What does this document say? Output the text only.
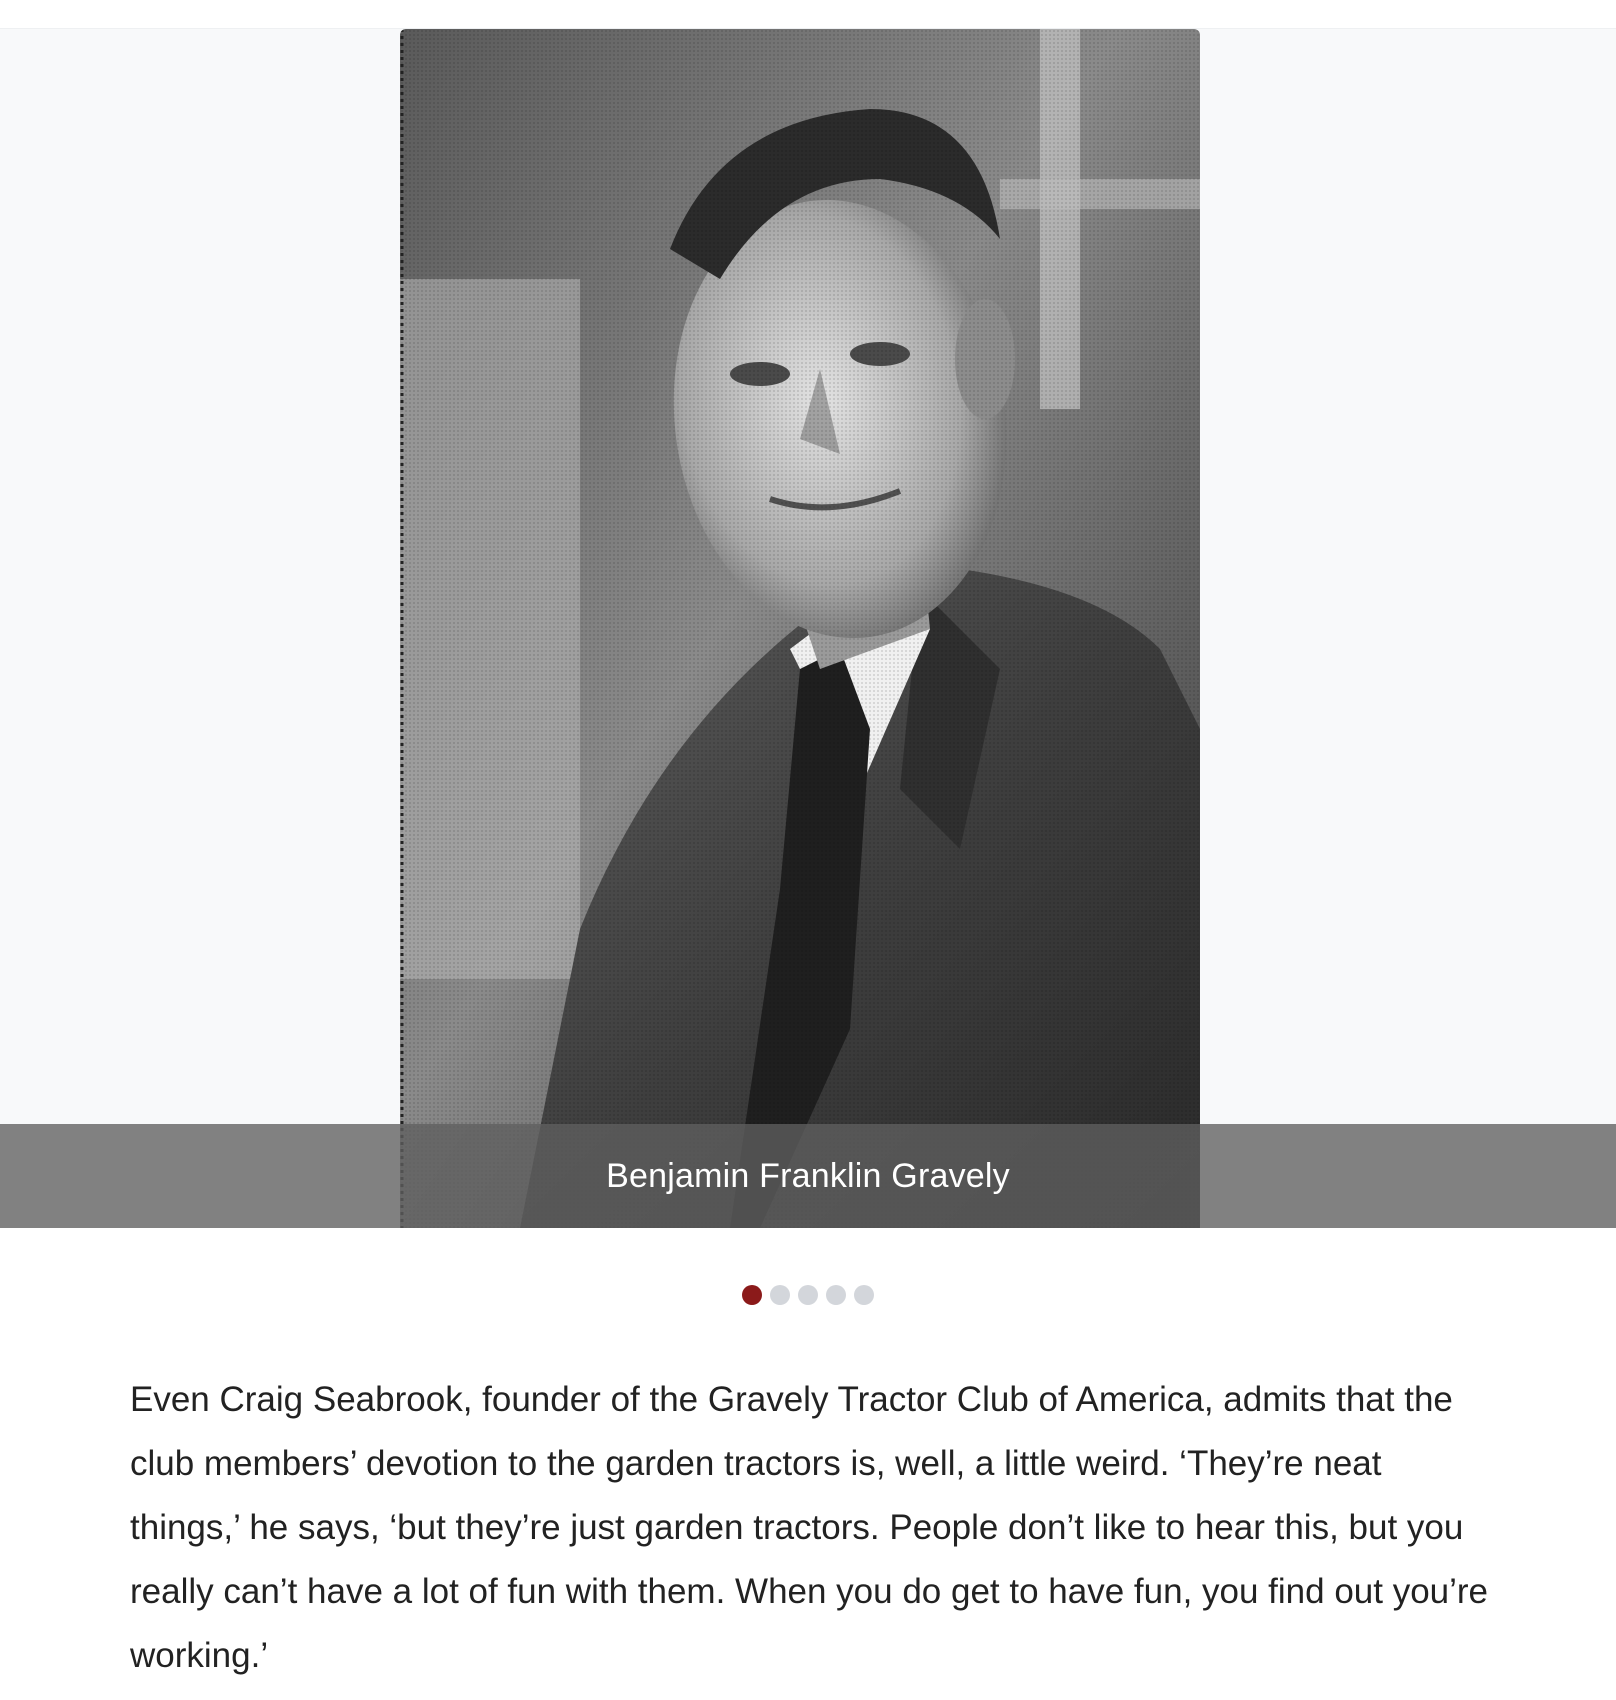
Benjamin Franklin Gravely

Even Craig Seabrook, founder of the Gravely Tractor Club of America, admits that the club members’ devotion to the garden tractors is, well, a little weird. ‘They’re neat things,’ he says, ‘but they’re just garden tractors. People don’t like to hear this, but you really can’t have a lot of fun with them. When you do get to have fun, you find out you’re working.’
